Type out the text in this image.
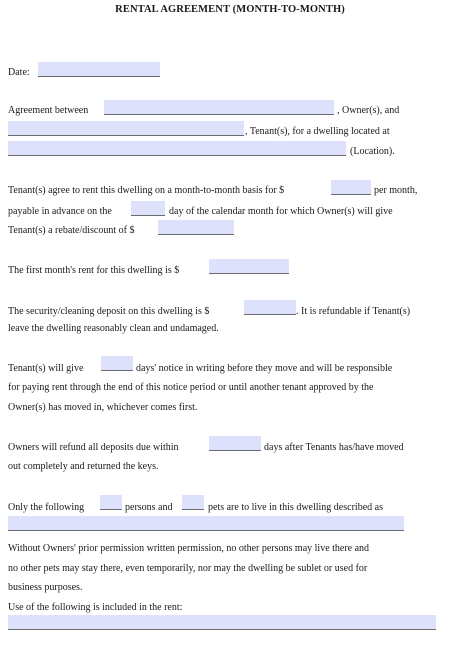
RENTAL AGREEMENT (MONTH-TO-MONTH)
Date:
Agreement between	, Owner(s), and
, Tenant(s), for a dwelling located at
(Location).
Tenant(s) agree to rent this dwelling on a month-to-month basis for $	per month,
payable in advance on the	day of the calendar month for which Owner(s) will give
Tenant(s) a rebate/discount of $
The first month's rent for this dwelling is $
The security/cleaning deposit on this dwelling is $	. It is refundable if Tenant(s)
leave the dwelling reasonably clean and undamaged.
Tenant(s) will give	days' notice in writing before they move and will be responsible
for paying rent through the end of this notice period or until another tenant approved by the
Owner(s) has moved in, whichever comes first.
Owners will refund all deposits due within	days after Tenants has/have moved
out completely and returned the keys.
Only the following	persons and	pets are to live in this dwelling described as
Without Owners' prior permission written permission, no other persons may live there and
no other pets may stay there, even temporarily, nor may the dwelling be sublet or used for
business purposes.
Use of the following is included in the rent:
